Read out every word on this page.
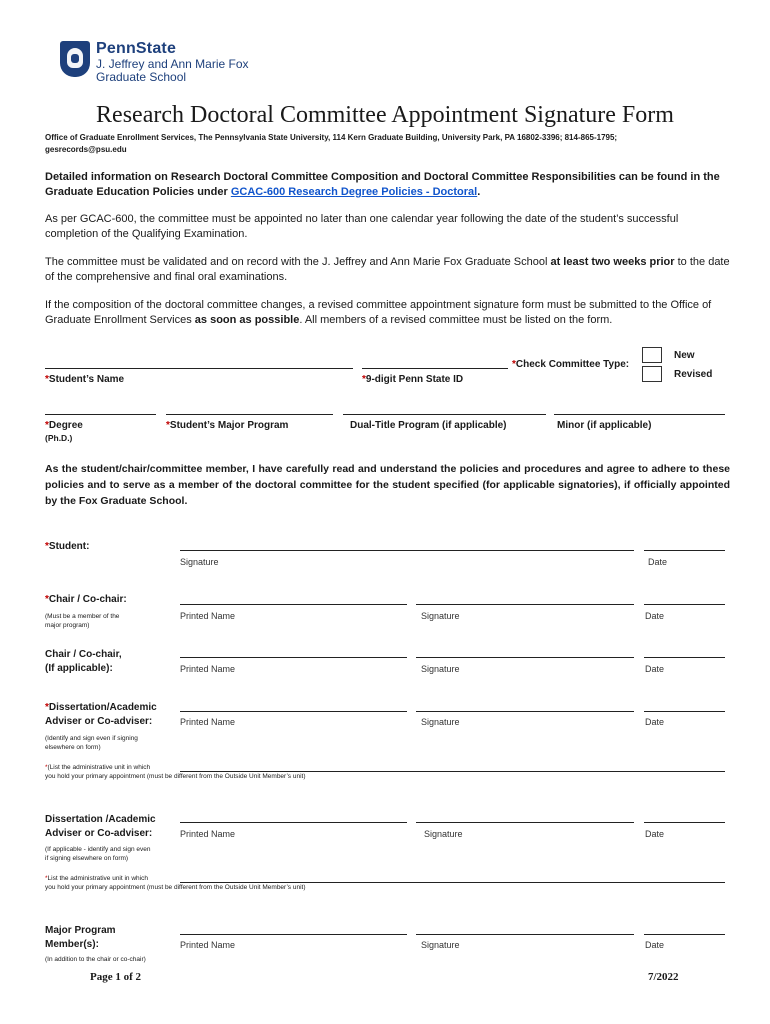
PennState
J. Jeffrey and Ann Marie Fox
Graduate School
Research Doctoral Committee Appointment Signature Form
Office of Graduate Enrollment Services, The Pennsylvania State University, 114 Kern Graduate Building, University Park, PA 16802-3396; 814-865-1795;
gesrecords@psu.edu
Detailed information on Research Doctoral Committee Composition and Doctoral Committee Responsibilities can be found in the Graduate Education Policies under GCAC-600 Research Degree Policies - Doctoral.
As per GCAC-600, the committee must be appointed no later than one calendar year following the date of the student’s successful completion of the Qualifying Examination.
The committee must be validated and on record with the J. Jeffrey and Ann Marie Fox Graduate School at least two weeks prior to the date of the comprehensive and final oral examinations.
If the composition of the doctoral committee changes, a revised committee appointment signature form must be submitted to the Office of Graduate Enrollment Services as soon as possible. All members of a revised committee must be listed on the form.
*Student’s Name	*9-digit Penn State ID
*Check Committee Type:
New
Revised
*Degree
(Ph.D.)
*Student’s Major Program	Dual-Title Program (if applicable)	Minor (if applicable)
As the student/chair/committee member, I have carefully read and understand the policies and procedures and agree to adhere to these policies and to serve as a member of the doctoral committee for the student specified (for applicable signatories), if officially appointed by the Fox Graduate School.
*Student:
Signature	Date
*Chair / Co-chair:
(Must be a member of the
major program)
Printed Name	Signature	Date
Chair / Co-chair,
(If applicable):	Printed Name	Signature	Date
*Dissertation/Academic
Adviser or Co-adviser:
(Identify and sign even if signing
elsewhere on form)
Printed Name	Signature	Date
*(List the administrative unit in which
you hold your primary appointment (must be different from the Outside Unit Member’s unit)
Dissertation /Academic
Adviser or Co-adviser:
(If applicable - identify and sign even
if signing elsewhere on form)
Printed Name	Signature	Date
*List the administrative unit in which
you hold your primary appointment (must be different from the Outside Unit Member’s unit)
Major Program
Member(s):
(In addition to the chair or co-chair)
Printed Name	Signature	Date
Page 1 of 2	7/2022
